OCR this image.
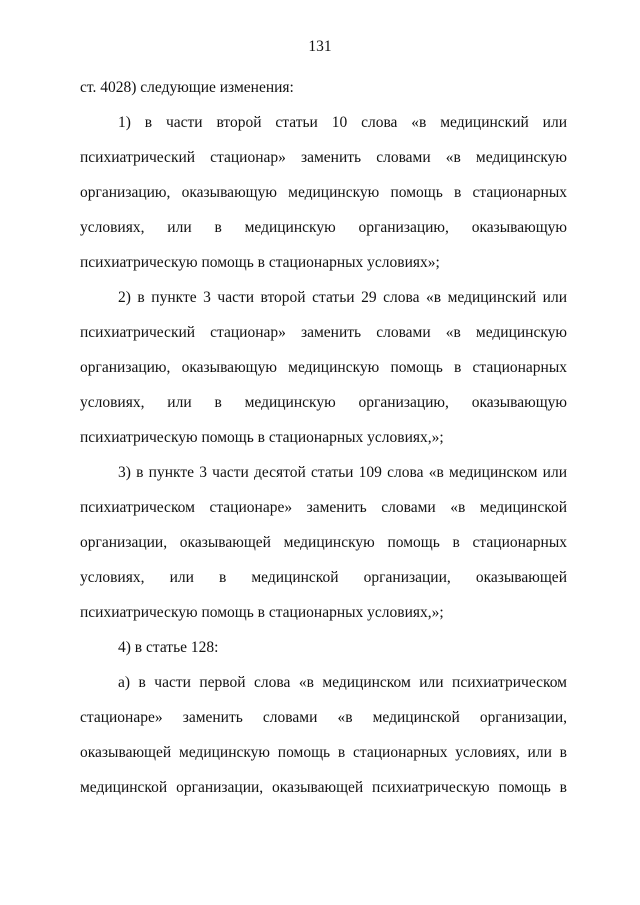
131
ст. 4028) следующие изменения:
1) в части второй статьи 10 слова «в медицинский или
психиатрический стационар» заменить словами «в медицинскую
организацию, оказывающую медицинскую помощь в стационарных
условиях, или в медицинскую организацию, оказывающую
психиатрическую помощь в стационарных условиях»;
2) в пункте 3 части второй статьи 29 слова «в медицинский или
психиатрический стационар» заменить словами «в медицинскую
организацию, оказывающую медицинскую помощь в стационарных
условиях, или в медицинскую организацию, оказывающую
психиатрическую помощь в стационарных условиях,»;
3) в пункте 3 части десятой статьи 109 слова «в медицинском или
психиатрическом стационаре» заменить словами «в медицинской
организации, оказывающей медицинскую помощь в стационарных
условиях, или в медицинской организации, оказывающей
психиатрическую помощь в стационарных условиях,»;
4) в статье 128:
а) в части первой слова «в медицинском или психиатрическом
стационаре» заменить словами «в медицинской организации,
оказывающей медицинскую помощь в стационарных условиях, или в
медицинской организации, оказывающей психиатрическую помощь в
